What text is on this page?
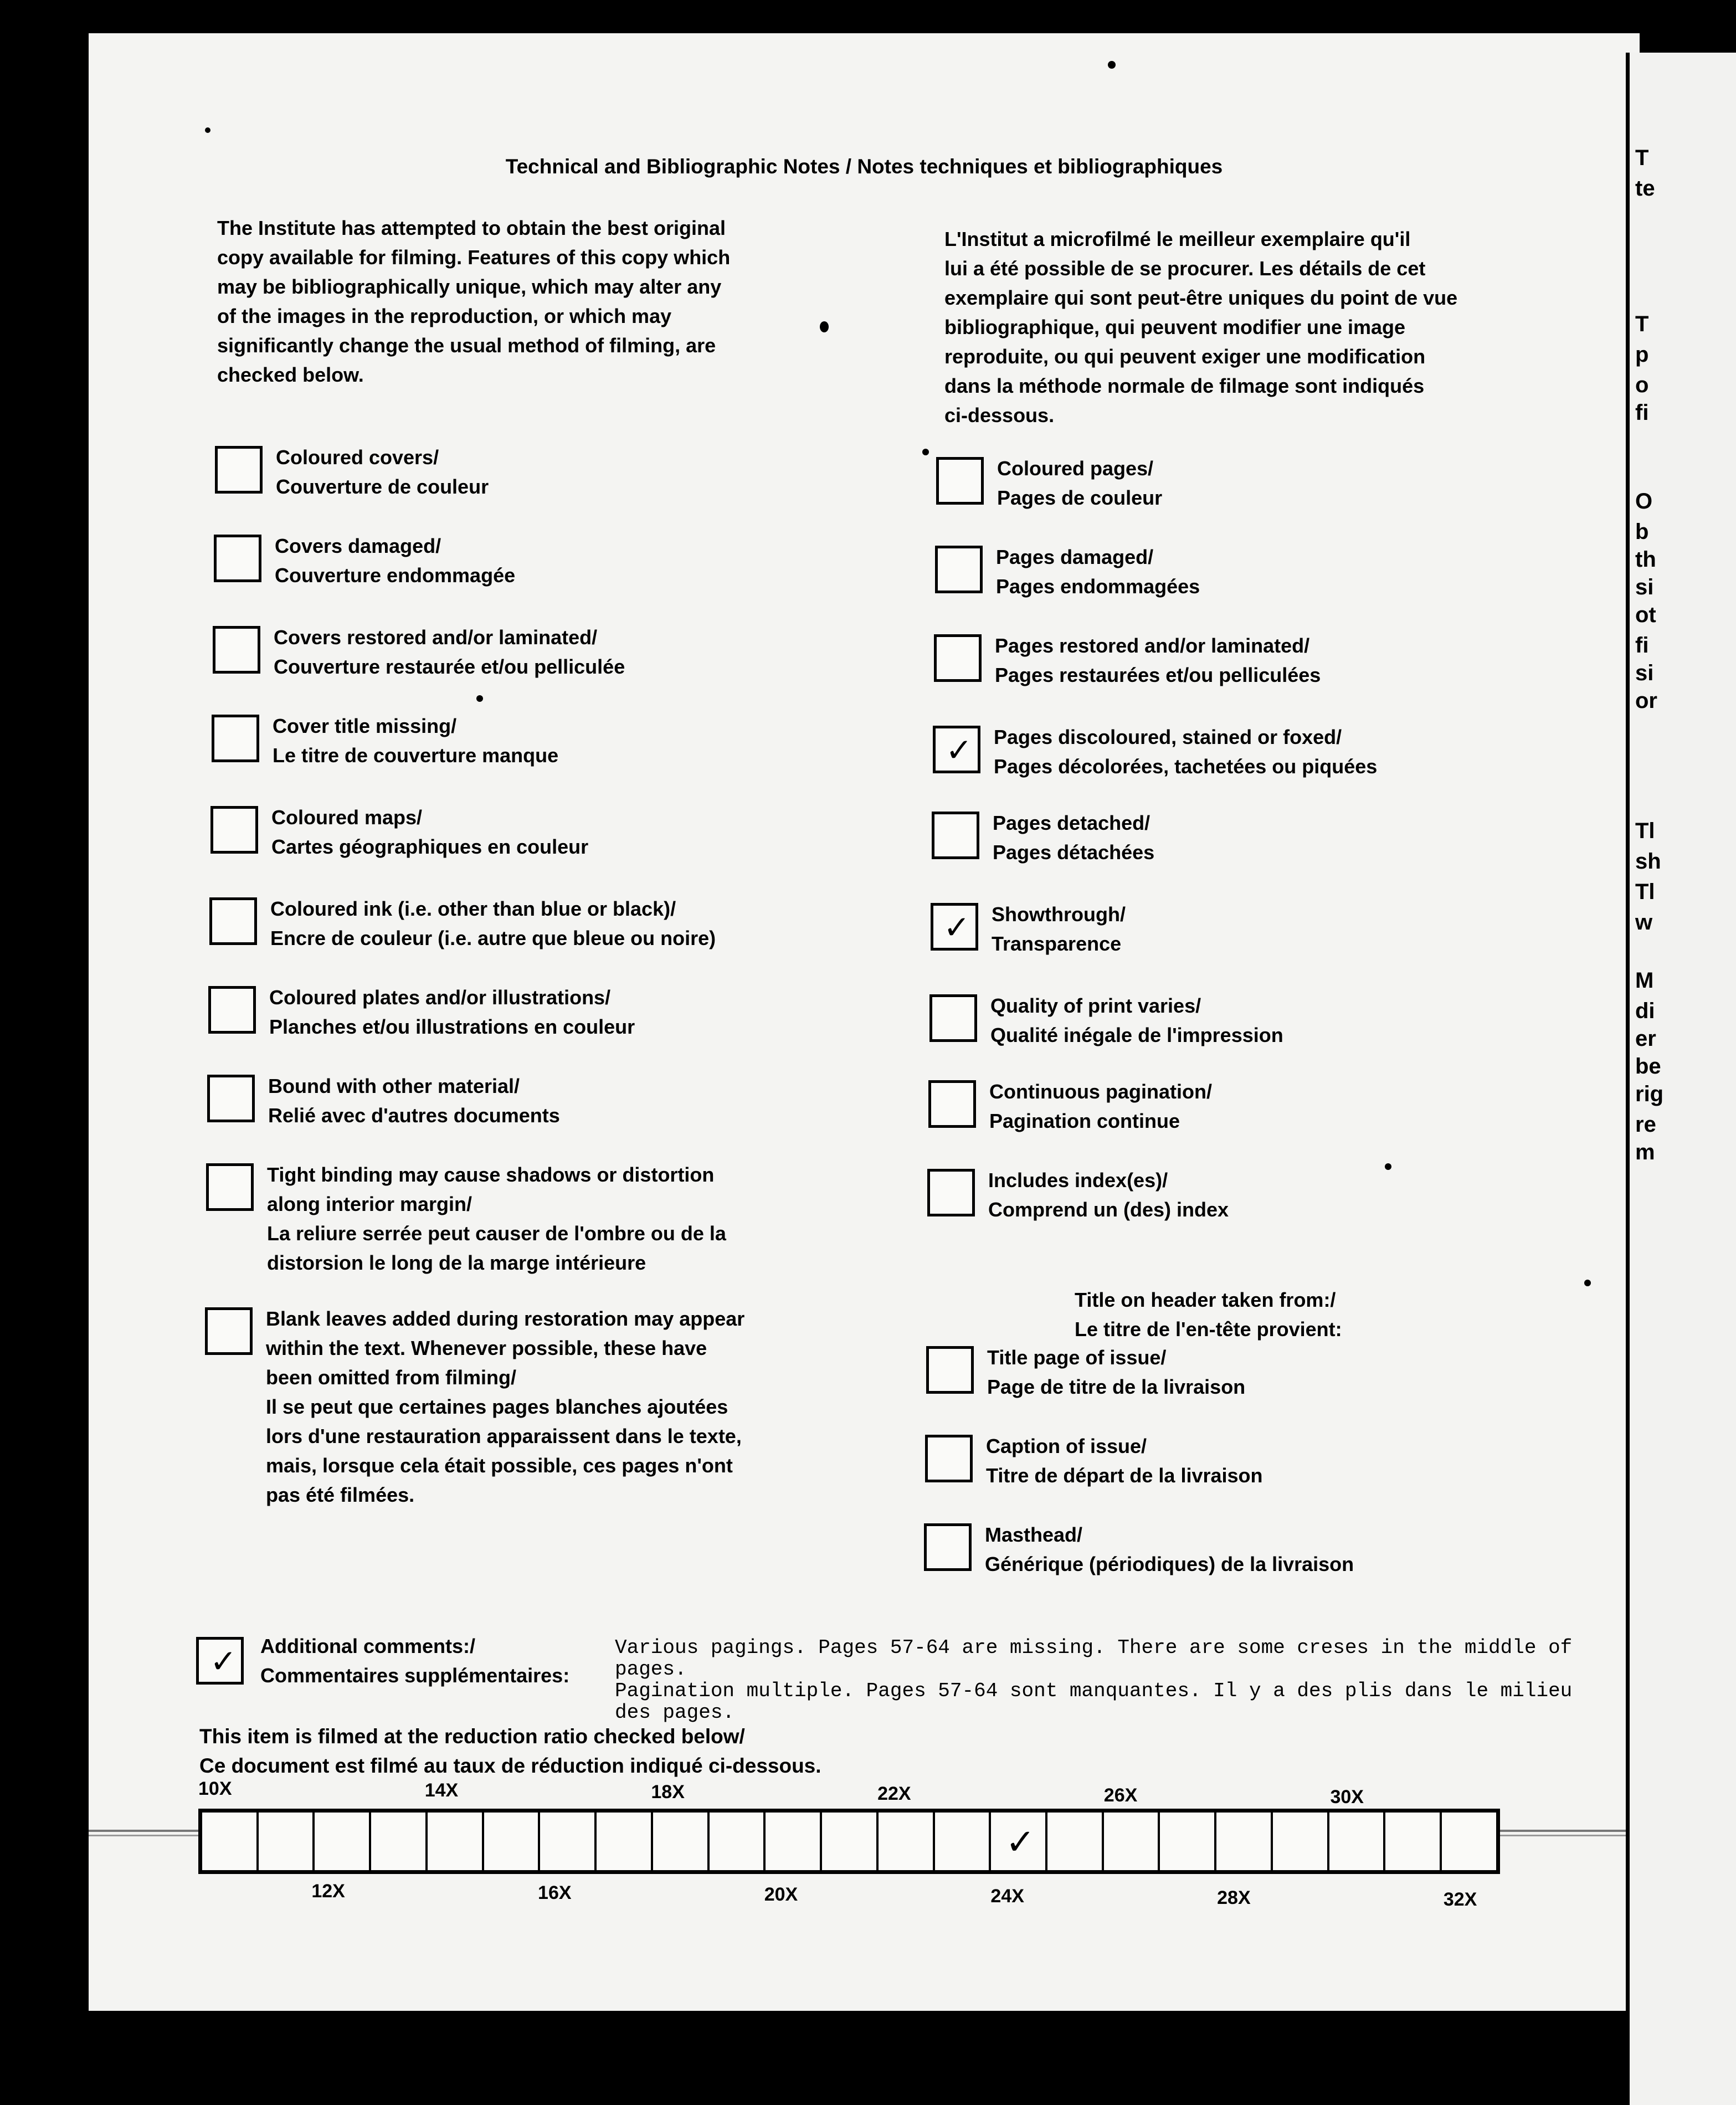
Technical and Bibliographic Notes / Notes techniques et bibliographiques
The Institute has attempted to obtain the best original
copy available for filming. Features of this copy which
may be bibliographically unique, which may alter any
of the images in the reproduction, or which may
significantly change the usual method of filming, are
checked below.
L'Institut a microfilmé le meilleur exemplaire qu'il
lui a été possible de se procurer. Les détails de cet
exemplaire qui sont peut-être uniques du point de vue
bibliographique, qui peuvent modifier une image
reproduite, ou qui peuvent exiger une modification
dans la méthode normale de filmage sont indiqués
ci-dessous.
Coloured covers/
Couverture de couleur
Covers damaged/
Couverture endommagée
Covers restored and/or laminated/
Couverture restaurée et/ou pelliculée
Cover title missing/
Le titre de couverture manque
Coloured maps/
Cartes géographiques en couleur
Coloured ink (i.e. other than blue or black)/
Encre de couleur (i.e. autre que bleue ou noire)
Coloured plates and/or illustrations/
Planches et/ou illustrations en couleur
Bound with other material/
Relié avec d'autres documents
Tight binding may cause shadows or distortion
along interior margin/
La reliure serrée peut causer de l'ombre ou de la
distorsion le long de la marge intérieure
Blank leaves added during restoration may appear
within the text. Whenever possible, these have
been omitted from filming/
Il se peut que certaines pages blanches ajoutées
lors d'une restauration apparaissent dans le texte,
mais, lorsque cela était possible, ces pages n'ont
pas été filmées.
Coloured pages/
Pages de couleur
Pages damaged/
Pages endommagées
Pages restored and/or laminated/
Pages restaurées et/ou pelliculées
✓ Pages discoloured, stained or foxed/
Pages décolorées, tachetées ou piquées
Pages detached/
Pages détachées
✓ Showthrough/
Transparence
Quality of print varies/
Qualité inégale de l'impression
Continuous pagination/
Pagination continue
Includes index(es)/
Comprend un (des) index
Title on header taken from:/
Le titre de l'en-tête provient:
Title page of issue/
Page de titre de la livraison
Caption of issue/
Titre de départ de la livraison
Masthead/
Générique (périodiques) de la livraison
✓ Additional comments:/
Commentaires supplémentaires:
Various pagings. Pages 57-64 are missing. There are some creses in the middle of
pages.
Pagination multiple. Pages 57-64 sont manquantes. Il y a des plis dans le milieu
des pages.
This item is filmed at the reduction ratio checked below/
Ce document est filmé au taux de réduction indiqué ci-dessous.
10X	14X	18X	22X	26X	30X
12X	16X	20X	24X	28X	32X
✓
T
te
T
p
o
fi
O
b
th
si
ot
fi
si
or
Tl
sh
Tl
w
M
di
er
be
rig
re
m
